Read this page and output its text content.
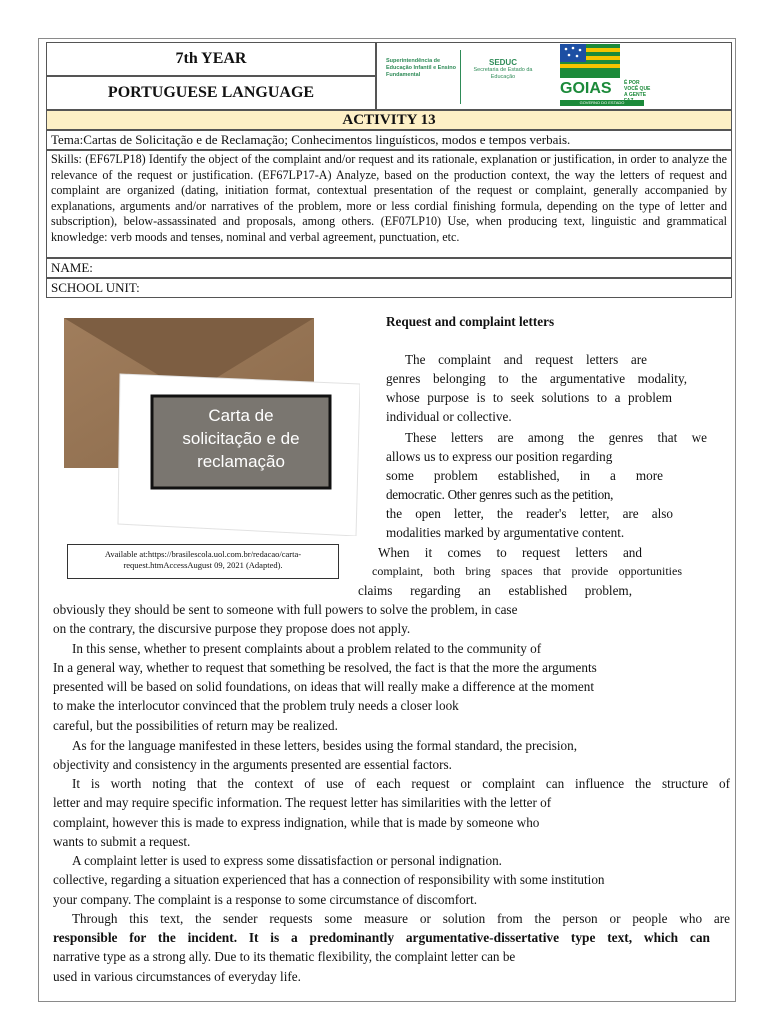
7th YEAR
PORTUGUESE LANGUAGE
Superintendência de Educação Infantil e Ensino Fundamental
SEDUC
Secretaria de Estado da Educação
GOIAS	É POR VOCÊ QUE A GENTE
GOVERNO DO ESTADO
ACTIVITY 13
Tema:Cartas de Solicitação e de Reclamação; Conhecimentos linguísticos, modos e tempos verbais.
Skills: (EF67LP18) Identify the object of the complaint and/or request and its rationale, explanation or justification, in order to analyze the relevance of the request or justification. (EF67LP17-A) Analyze, based on the production context, the way the letters of request and complaint are organized (dating, initiation format, contextual presentation of the request or complaint, generally accompanied by explanations, arguments and/or narratives of the problem, more or less cordial finishing formula, depending on the type of letter and subscription), below-assassinated and proposals, among others. (EF07LP10) Use, when producing text, linguistic and grammatical knowledge: verb moods and tenses, nominal and verbal agreement, punctuation, etc.
NAME:
SCHOOL UNIT:
Carta de
solicitação e de
reclamação
Available at:https://brasilescola.uol.com.br/redacao/carta-request.htmAccessAugust 09, 2021 (Adapted).
Request and complaint letters
The complaint and request letters are
genres belonging to the argumentative modality,
whose purpose is to seek solutions to a problem
individual or collective.
These letters are among the genres that we
allows us to express our position regarding
some problem established, in a more
democratic. Other genres such as the petition,
the open letter, the reader's letter, are also
modalities marked by argumentative content.
When it comes to request letters and
complaint, both bring spaces that provide opportunities
claims regarding an established problem,
obviously they should be sent to someone with full powers to solve the problem, in case
on the contrary, the discursive purpose they propose does not apply.
In this sense, whether to present complaints about a problem related to the community of
In a general way, whether to request that something be resolved, the fact is that the more the arguments
presented will be based on solid foundations, on ideas that will really make a difference at the moment
to make the interlocutor convinced that the problem truly needs a closer look
careful, but the possibilities of return may be realized.
As for the language manifested in these letters, besides using the formal standard, the precision,
objectivity and consistency in the arguments presented are essential factors.
It is worth noting that the context of use of each request or complaint can influence the structure of
letter and may require specific information. The request letter has similarities with the letter of
complaint, however this is made to express indignation, while that is made by someone who
wants to submit a request.
A complaint letter is used to express some dissatisfaction or personal indignation.
collective, regarding a situation experienced that has a connection of responsibility with some institution
your company. The complaint is a response to some circumstance of discomfort.
Through this text, the sender requests some measure or solution from the person or people who are
responsible for the incident. It is a predominantly argumentative-dissertative type text, which can
narrative type as a strong ally. Due to its thematic flexibility, the complaint letter can be
used in various circumstances of everyday life.
